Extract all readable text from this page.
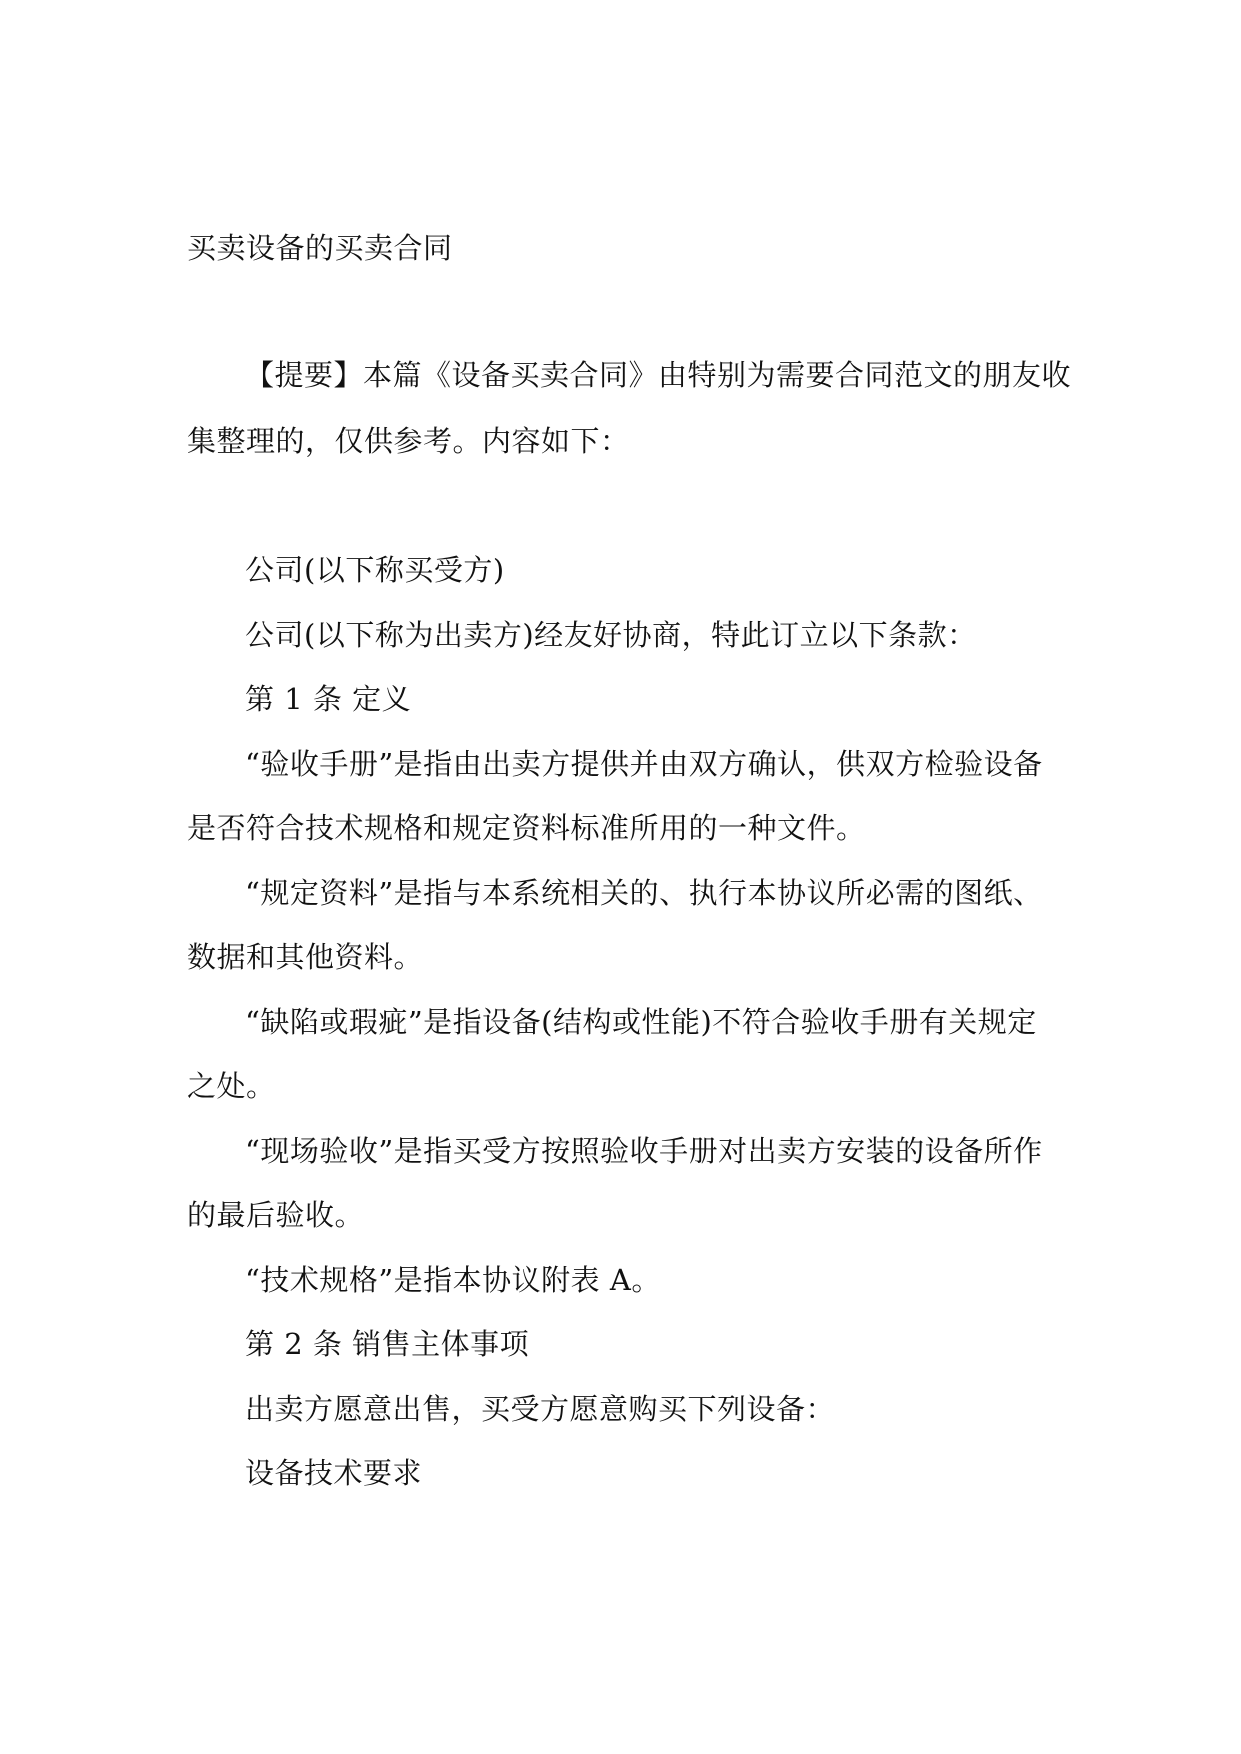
买卖设备的买卖合同
【提要】本篇《设备买卖合同》由特别为需要合同范文的朋友收
集整理的，仅供参考。内容如下：
公司(以下称买受方)
公司(以下称为出卖方)经友好协商，特此订立以下条款：
第 1 条 定义
“验收手册”是指由出卖方提供并由双方确认，供双方检验设备
是否符合技术规格和规定资料标准所用的一种文件。
“规定资料”是指与本系统相关的、执行本协议所必需的图纸、
数据和其他资料。
“缺陷或瑕疵”是指设备(结构或性能)不符合验收手册有关规定
之处。
“现场验收”是指买受方按照验收手册对出卖方安装的设备所作
的最后验收。
“技术规格”是指本协议附表 A。
第 2 条 销售主体事项
出卖方愿意出售，买受方愿意购买下列设备：
设备技术要求
